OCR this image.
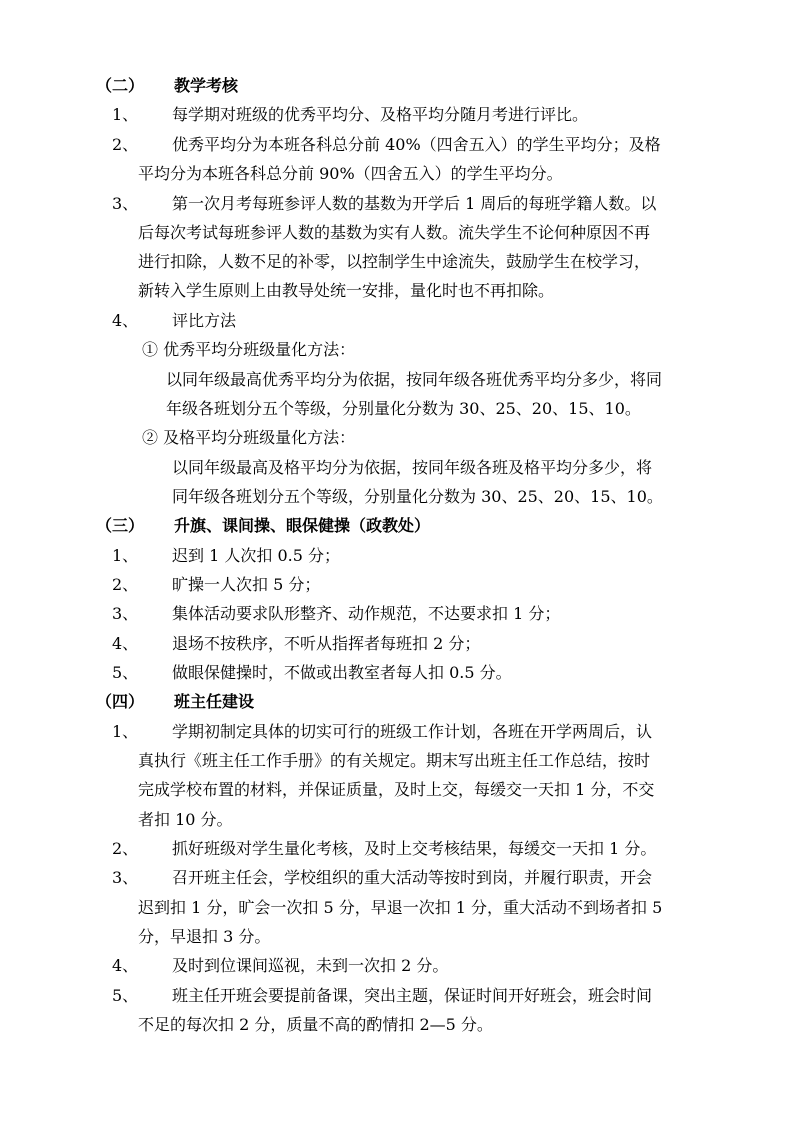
（二） 教学考核
1、 每学期对班级的优秀平均分、及格平均分随月考进行评比。
2、 优秀平均分为本班各科总分前 40%（四舍五入）的学生平均分；及格
平均分为本班各科总分前 90%（四舍五入）的学生平均分。
3、 第一次月考每班参评人数的基数为开学后 1 周后的每班学籍人数。以
后每次考试每班参评人数的基数为实有人数。流失学生不论何种原因不再
进行扣除，人数不足的补零，以控制学生中途流失，鼓励学生在校学习，
新转入学生原则上由教导处统一安排，量化时也不再扣除。
4、 评比方法
① 优秀平均分班级量化方法：
以同年级最高优秀平均分为依据，按同年级各班优秀平均分多少，将同
年级各班划分五个等级，分别量化分数为 30、25、20、15、10。
② 及格平均分班级量化方法：
以同年级最高及格平均分为依据，按同年级各班及格平均分多少，将
同年级各班划分五个等级，分别量化分数为 30、25、20、15、10。
（三） 升旗、课间操、眼保健操（政教处）
1、 迟到 1 人次扣 0.5 分；
2、 旷操一人次扣 5 分；
3、 集体活动要求队形整齐、动作规范，不达要求扣 1 分；
4、 退场不按秩序，不听从指挥者每班扣 2 分；
5、 做眼保健操时，不做或出教室者每人扣 0.5 分。
（四） 班主任建设
1、 学期初制定具体的切实可行的班级工作计划，各班在开学两周后，认
真执行《班主任工作手册》的有关规定。期末写出班主任工作总结，按时
完成学校布置的材料，并保证质量，及时上交，每缓交一天扣 1 分，不交
者扣 10 分。
2、 抓好班级对学生量化考核，及时上交考核结果，每缓交一天扣 1 分。
3、 召开班主任会，学校组织的重大活动等按时到岗，并履行职责，开会
迟到扣 1 分，旷会一次扣 5 分，早退一次扣 1 分，重大活动不到场者扣 5
分，早退扣 3 分。
4、 及时到位课间巡视，未到一次扣 2 分。
5、 班主任开班会要提前备课，突出主题，保证时间开好班会，班会时间
不足的每次扣 2 分，质量不高的酌情扣 2—5 分。
